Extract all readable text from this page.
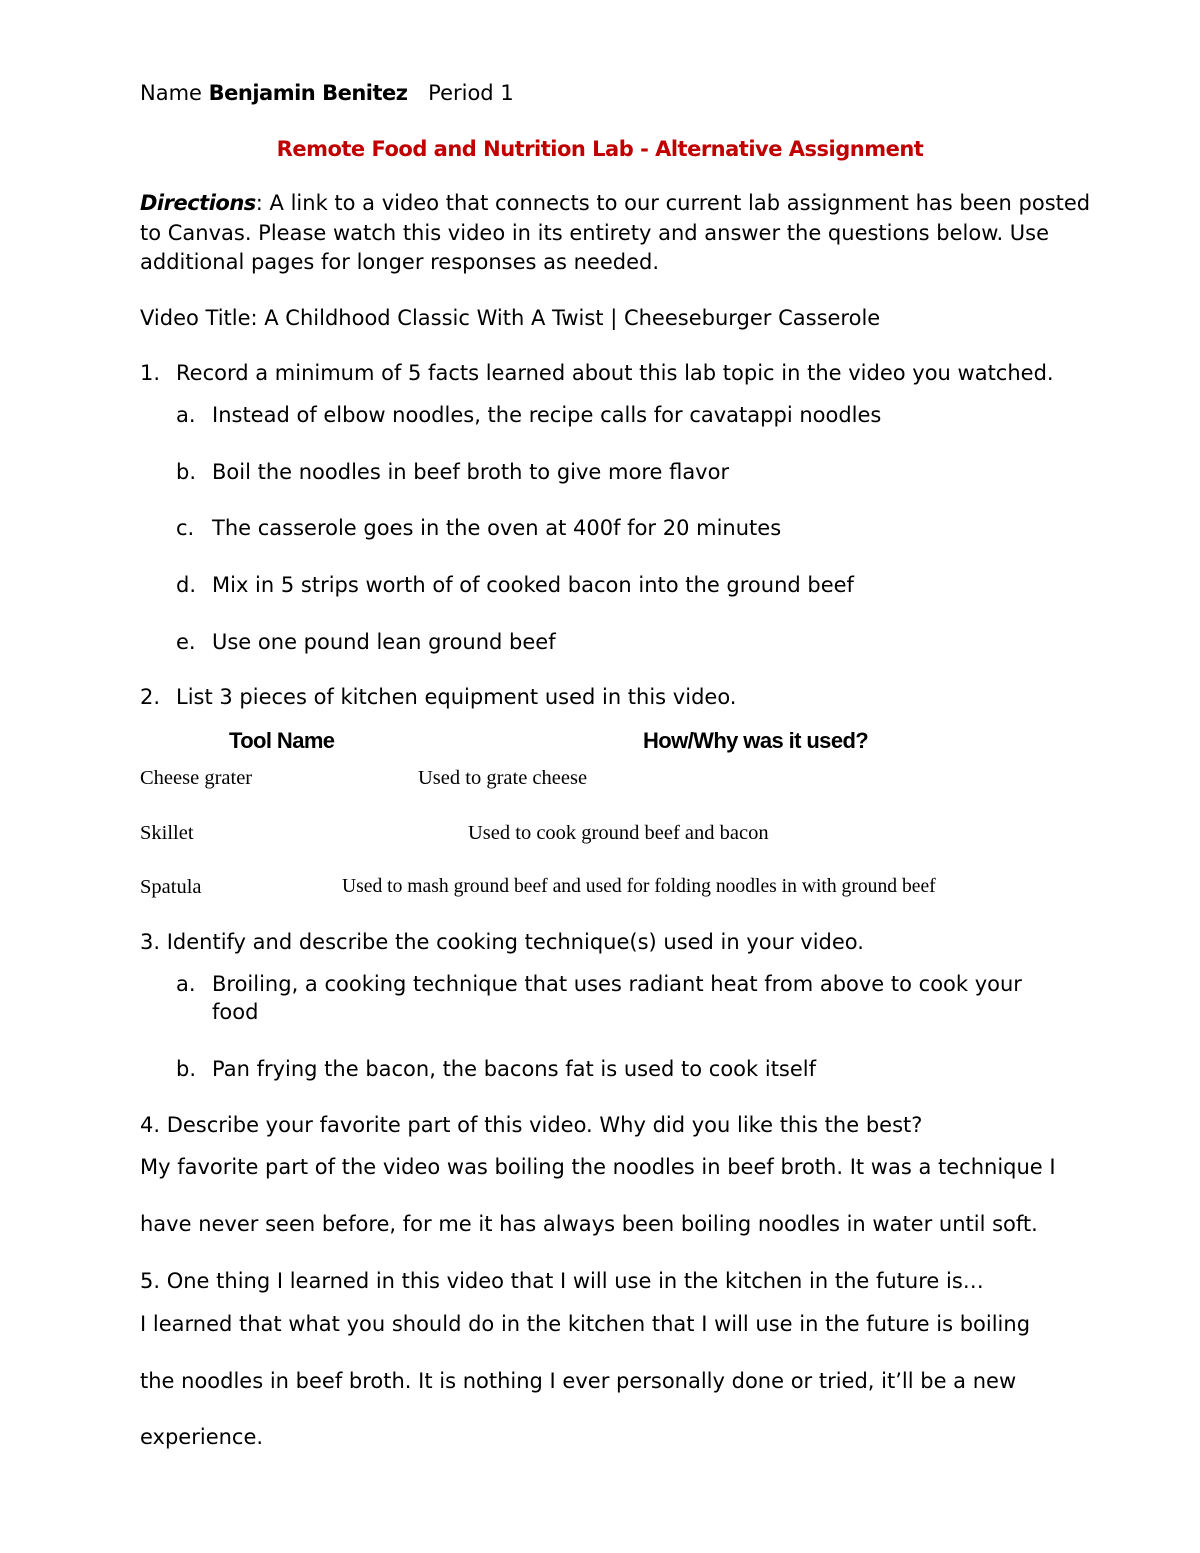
Name Benjamin Benitez Period 1
Remote Food and Nutrition Lab - Alternative Assignment
Directions: A link to a video that connects to our current lab assignment has been posted
to Canvas. Please watch this video in its entirety and answer the questions below. Use
additional pages for longer responses as needed.
Video Title: A Childhood Classic With A Twist | Cheeseburger Casserole
1. Record a minimum of 5 facts learned about this lab topic in the video you watched.
a. Instead of elbow noodles, the recipe calls for cavatappi noodles
b. Boil the noodles in beef broth to give more flavor
c. The casserole goes in the oven at 400f for 20 minutes
d. Mix in 5 strips worth of of cooked bacon into the ground beef
e. Use one pound lean ground beef
2. List 3 pieces of kitchen equipment used in this video.
Tool Name	How/Why was it used?
Cheese grater	Used to grate cheese
Skillet	Used to cook ground beef and bacon
Spatula	Used to mash ground beef and used for folding noodles in with ground beef
3. Identify and describe the cooking technique(s) used in your video.
a. Broiling, a cooking technique that uses radiant heat from above to cook your
food
b. Pan frying the bacon, the bacons fat is used to cook itself
4. Describe your favorite part of this video. Why did you like this the best?
My favorite part of the video was boiling the noodles in beef broth. It was a technique I
have never seen before, for me it has always been boiling noodles in water until soft.
5. One thing I learned in this video that I will use in the kitchen in the future is…
I learned that what you should do in the kitchen that I will use in the future is boiling
the noodles in beef broth. It is nothing I ever personally done or tried, it’ll be a new
experience.
